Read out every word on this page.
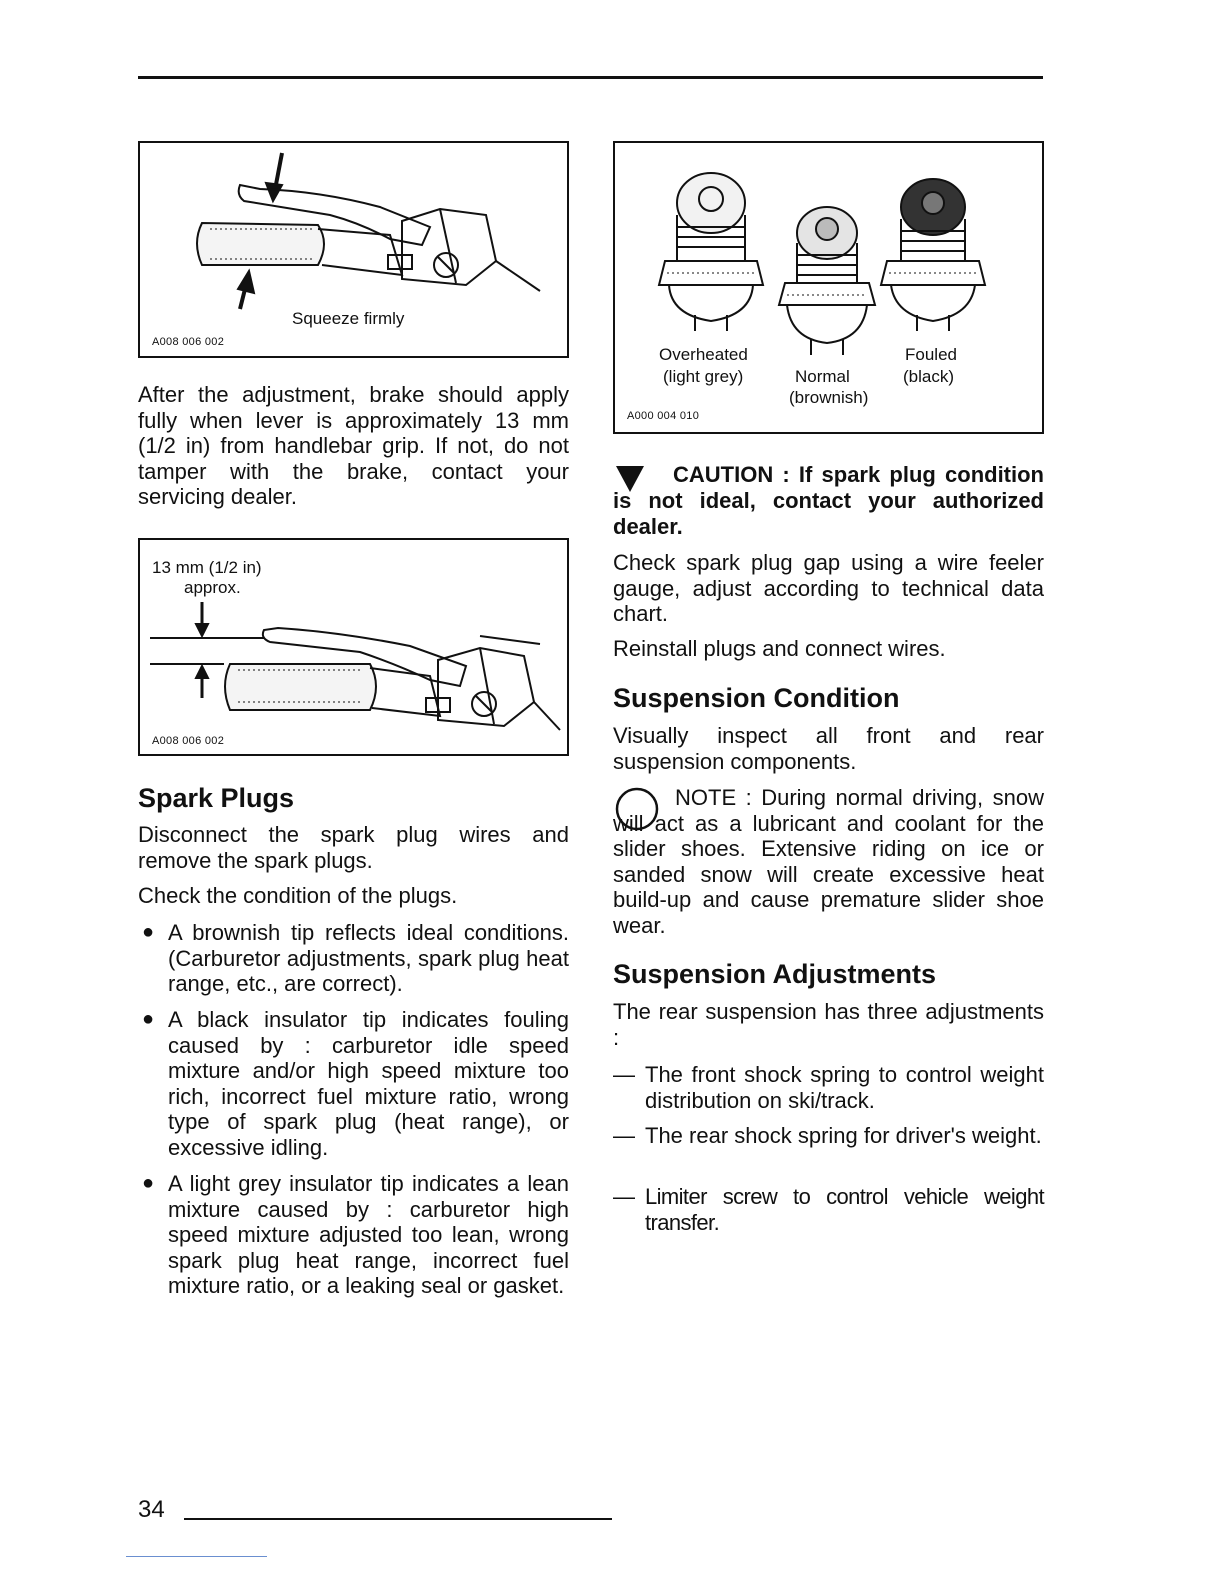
Squeeze firmly
A008 006 002
After the adjustment, brake should apply fully when lever is approximately 13 mm (1/2 in) from handlebar grip. If not, do not tamper with the brake, contact your servicing dealer.
13 mm (1/2 in)
approx.
A008 006 002
Spark Plugs
Disconnect the spark plug wires and remove the spark plugs.
Check the condition of the plugs.
● A brownish tip reflects ideal conditions. (Carburetor adjustments, spark plug heat range, etc., are correct).
● A black insulator tip indicates fouling caused by : carburetor idle speed mixture and/or high speed mixture too rich, incorrect fuel mixture ratio, wrong type of spark plug (heat range), or excessive idling.
● A light grey insulator tip indicates a lean mixture caused by : carburetor high speed mixture adjusted too lean, wrong spark plug heat range, incorrect fuel mixture ratio, or a leaking seal or gasket.
Overheated
(light grey)	Normal
(brownish)
Fouled
(black)
A000 004 010
CAUTION : If spark plug condition is not ideal, contact your authorized dealer.
Check spark plug gap using a wire feeler gauge, adjust according to technical data chart.
Reinstall plugs and connect wires.
Suspension Condition
Visually inspect all front and rear suspension components.
NOTE : During normal driving, snow will act as a lubricant and coolant for the slider shoes. Extensive riding on ice or sanded snow will create excessive heat build-up and cause premature slider shoe wear.
Suspension Adjustments
The rear suspension has three adjustments :
— The front shock spring to control weight distribution on ski/track.
— The rear shock spring for driver's weight.
— Limiter screw to control vehicle weight transfer.
34
